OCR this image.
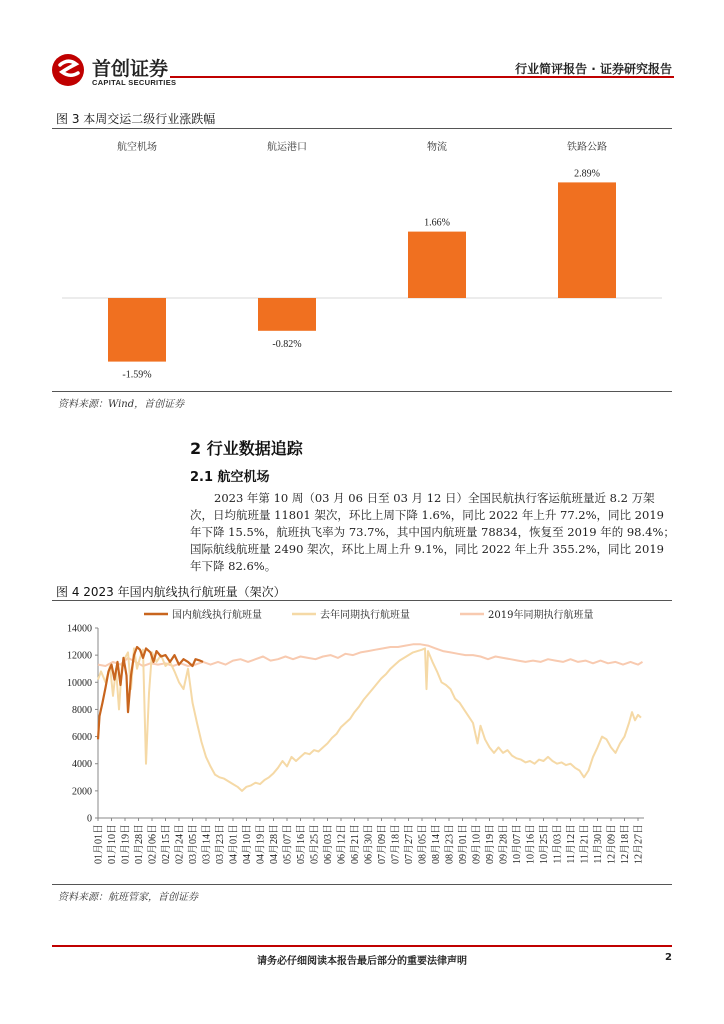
首创证券
CAPITAL SECURITIES
行业简评报告 · 证券研究报告
图 3 本周交运二级行业涨跌幅
-1.59%
航空机场
-0.82%
航运港口
1.66%
物流
2.89%
铁路公路
资料来源：Wind，首创证券
2 行业数据追踪
2.1 航空机场
2023 年第 10 周（03 月 06 日至 03 月 12 日）全国民航执行客运航班量近 8.2 万架
次，日均航班量 11801 架次，环比上周下降 1.6%，同比 2022 年上升 77.2%，同比 2019
年下降 15.5%，航班执飞率为 73.7%，其中国内航班量 78834，恢复至 2019 年的 98.4%；
国际航线航班量 2490 架次，环比上周上升 9.1%，同比 2022 年上升 355.2%，同比 2019
年下降 82.6%。
图 4 2023 年国内航线执行航班量（架次）
国内航线执行航班量	去年同期执行航班量	2019年同期执行航班量
0
2000
4000
6000
8000
10000
12000
14000
01月01日 01月10日 01月19日 01月28日 02月06日 02月15日 02月24日 03月05日 03月14日 03月23日 04月01日 04月10日 04月19日 04月28日 05月07日 05月16日 05月25日 06月03日 06月12日 06月21日 06月30日 07月09日 07月18日 07月27日 08月05日 08月14日 08月23日 09月01日 09月10日 09月19日 09月28日 10月07日 10月16日 10月25日 11月03日 11月12日 11月21日 11月30日 12月09日 12月18日 12月27日
资料来源：航班管家，首创证券
请务必仔细阅读本报告最后部分的重要法律声明	2
